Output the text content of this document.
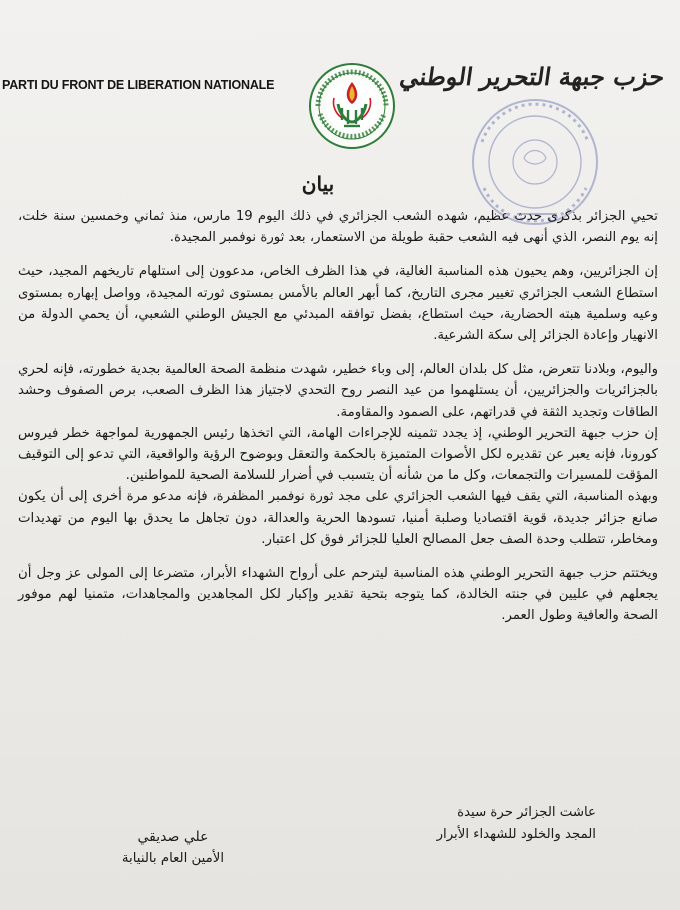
PARTI DU FRONT DE LIBERATION NATIONALE	حزب جبهة التحرير الوطني
بيان

تحيي الجزائر بذكرى حدث عظيم، شهده الشعب الجزائري في ذلك اليوم 19 مارس، منذ ثماني وخمسين سنة خلت، إنه يوم النصر، الذي أنهى فيه الشعب حقبة طويلة من الاستعمار، بعد ثورة نوفمبر المجيدة.

إن الجزائريين، وهم يحيون هذه المناسبة الغالية، في هذا الظرف الخاص، مدعوون إلى استلهام تاريخهم المجيد، حيث استطاع الشعب الجزائري تغيير مجرى التاريخ، كما أبهر العالم بالأمس بمستوى ثورته المجيدة، وواصل إبهاره بمستوى وعيه وسلمية هبته الحضارية، حيث استطاع، بفضل توافقه المبدئي مع الجيش الوطني الشعبي، أن يحمي الدولة من الانهيار وإعادة الجزائر إلى سكة الشرعية.

واليوم، وبلادنا تتعرض، مثل كل بلدان العالم، إلى وباء خطير، شهدت منظمة الصحة العالمية بجدية خطورته، فإنه لحري بالجزائريات والجزائريين، أن يستلهموا من عيد النصر روح التحدي لاجتياز هذا الظرف الصعب، برص الصفوف وحشد الطاقات وتجديد الثقة في قدراتهم، على الصمود والمقاومة.

إن حزب جبهة التحرير الوطني، إذ يجدد تثمينه للإجراءات الهامة، التي اتخذها رئيس الجمهورية لمواجهة خطر فيروس كورونا، فإنه يعبر عن تقديره لكل الأصوات المتميزة بالحكمة والتعقل وبوضوح الرؤية والواقعية، التي تدعو إلى التوقيف المؤقت للمسيرات والتجمعات، وكل ما من شأنه أن يتسبب في أضرار للسلامة الصحية للمواطنين.

وبهذه المناسبة، التي يقف فيها الشعب الجزائري على مجد ثورة نوفمبر المظفرة، فإنه مدعو مرة أخرى إلى أن يكون صانع جزائر جديدة، قوية اقتصاديا وصلبة أمنيا، تسودها الحرية والعدالة، دون تجاهل ما يحدق بها اليوم من تهديدات ومخاطر، تتطلب وحدة الصف جعل المصالح العليا للجزائر فوق كل اعتبار.

ويختتم حزب جبهة التحرير الوطني هذه المناسبة ليترحم على أرواح الشهداء الأبرار، متضرعا إلى المولى عز وجل أن يجعلهم في عليين في جنته الخالدة، كما يتوجه بتحية تقدير وإكبار لكل المجاهدين والمجاهدات، متمنيا لهم موفور الصحة والعافية وطول العمر.

عاشت الجزائر حرة سيدة
المجد والخلود للشهداء الأبرار
علي صديقي
الأمين العام بالنيابة
